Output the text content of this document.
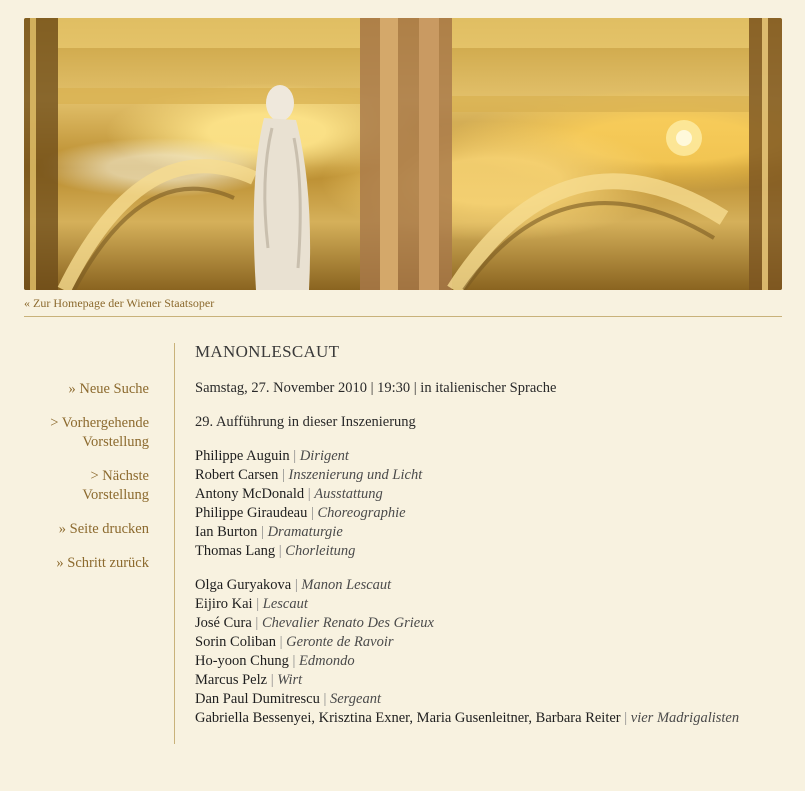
« Zur Homepage der Wiener Staatsoper
» Neue Suche
> Vorhergehende Vorstellung
> Nächste Vorstellung
» Seite drucken
» Schritt zurück
MANONLESCAUT
Samstag, 27. November 2010 | 19:30 | in italienischer Sprache
29. Aufführung in dieser Inszenierung
Philippe Auguin | Dirigent
Robert Carsen | Inszenierung und Licht
Antony McDonald | Ausstattung
Philippe Giraudeau | Choreographie
Ian Burton | Dramaturgie
Thomas Lang | Chorleitung
Olga Guryakova | Manon Lescaut
Eijiro Kai | Lescaut
José Cura | Chevalier Renato Des Grieux
Sorin Coliban | Geronte de Ravoir
Ho-yoon Chung | Edmondo
Marcus Pelz | Wirt
Dan Paul Dumitrescu | Sergeant
Gabriella Bessenyei, Krisztina Exner, Maria Gusenleitner, Barbara Reiter | vier Madrigalisten
